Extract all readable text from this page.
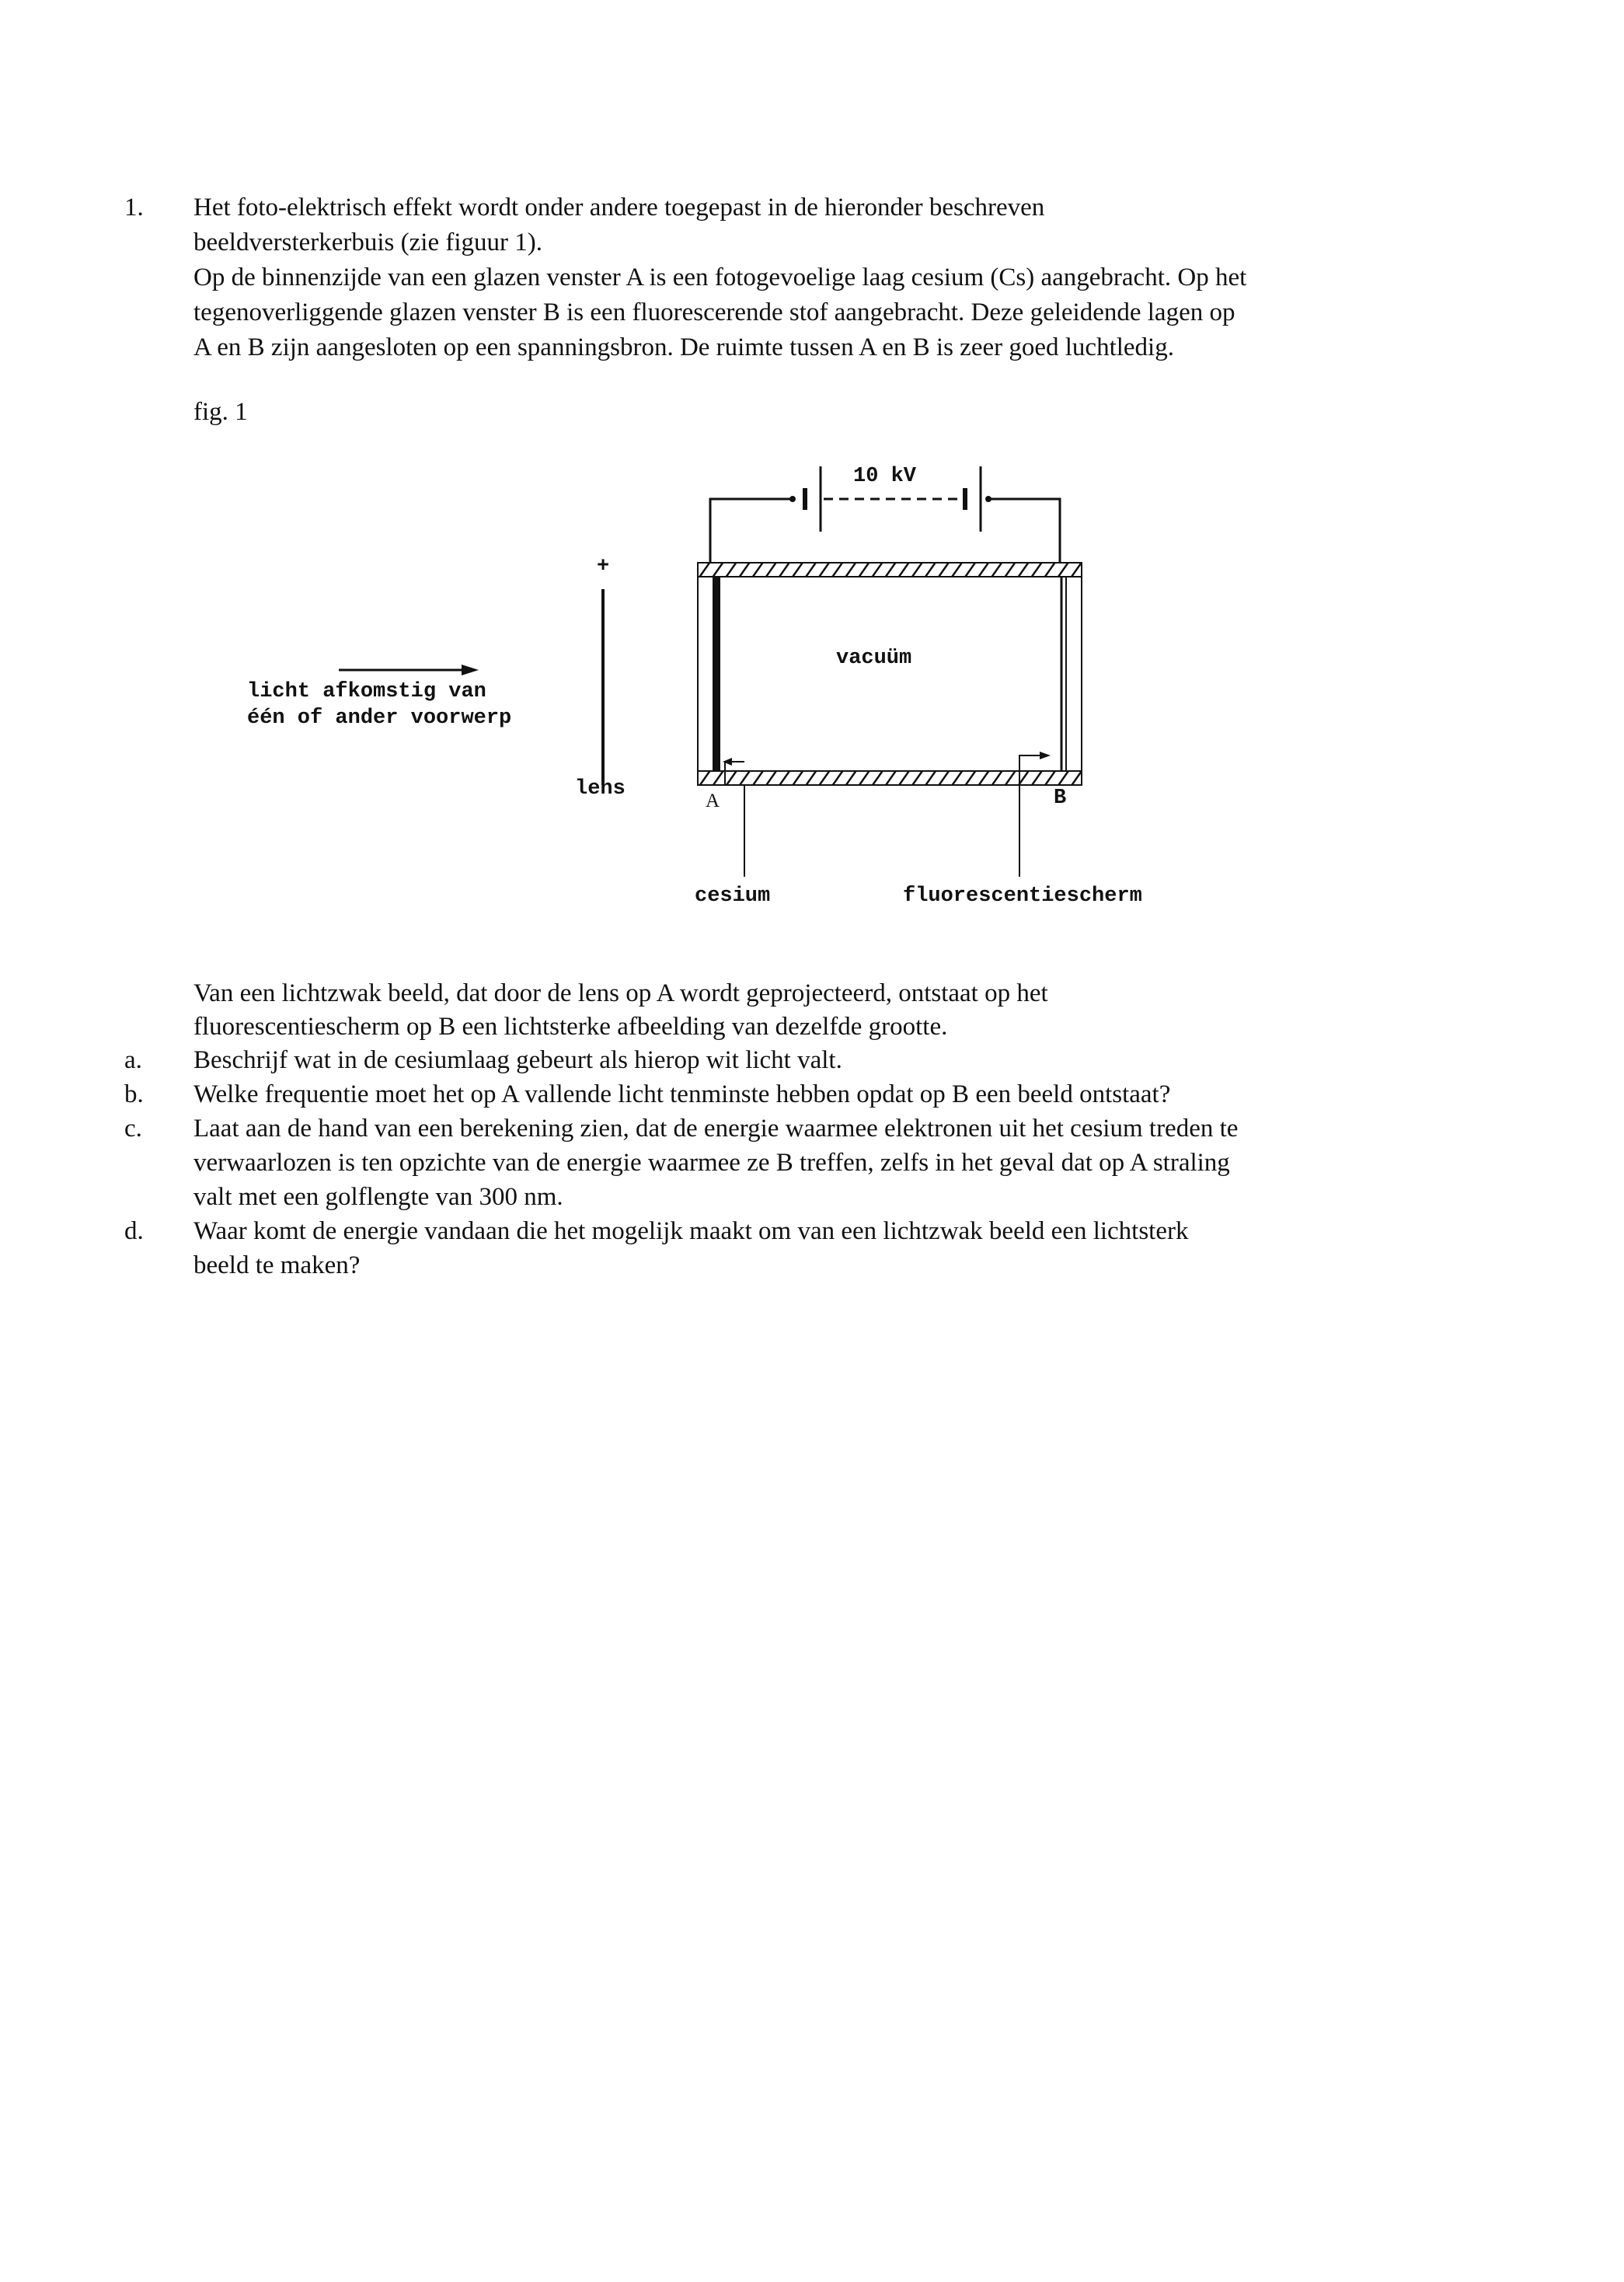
1. Het foto-elektrisch effekt wordt onder andere toegepast in de hieronder beschreven
beeldversterkerbuis (zie figuur 1).
Op de binnenzijde van een glazen venster A is een fotogevoelige laag cesium (Cs) aangebracht. Op het
tegenoverliggende glazen venster B is een fluorescerende stof aangebracht. Deze geleidende lagen op
A en B zijn aangesloten op een spanningsbron. De ruimte tussen A en B is zeer goed luchtledig.
fig. 1
10 kV
+
vacuüm
licht afkomstig van
één of ander voorwerp
lens
A	B
cesium	fluorescentiescherm
Van een lichtzwak beeld, dat door de lens op A wordt geprojecteerd, ontstaat op het
fluorescentiescherm op B een lichtsterke afbeelding van dezelfde grootte.
a. Beschrijf wat in de cesiumlaag gebeurt als hierop wit licht valt.
b. Welke frequentie moet het op A vallende licht tenminste hebben opdat op B een beeld ontstaat?
c. Laat aan de hand van een berekening zien, dat de energie waarmee elektronen uit het cesium treden te
verwaarlozen is ten opzichte van de energie waarmee ze B treffen, zelfs in het geval dat op A straling
valt met een golflengte van 300 nm.
d. Waar komt de energie vandaan die het mogelijk maakt om van een lichtzwak beeld een lichtsterk
beeld te maken?
